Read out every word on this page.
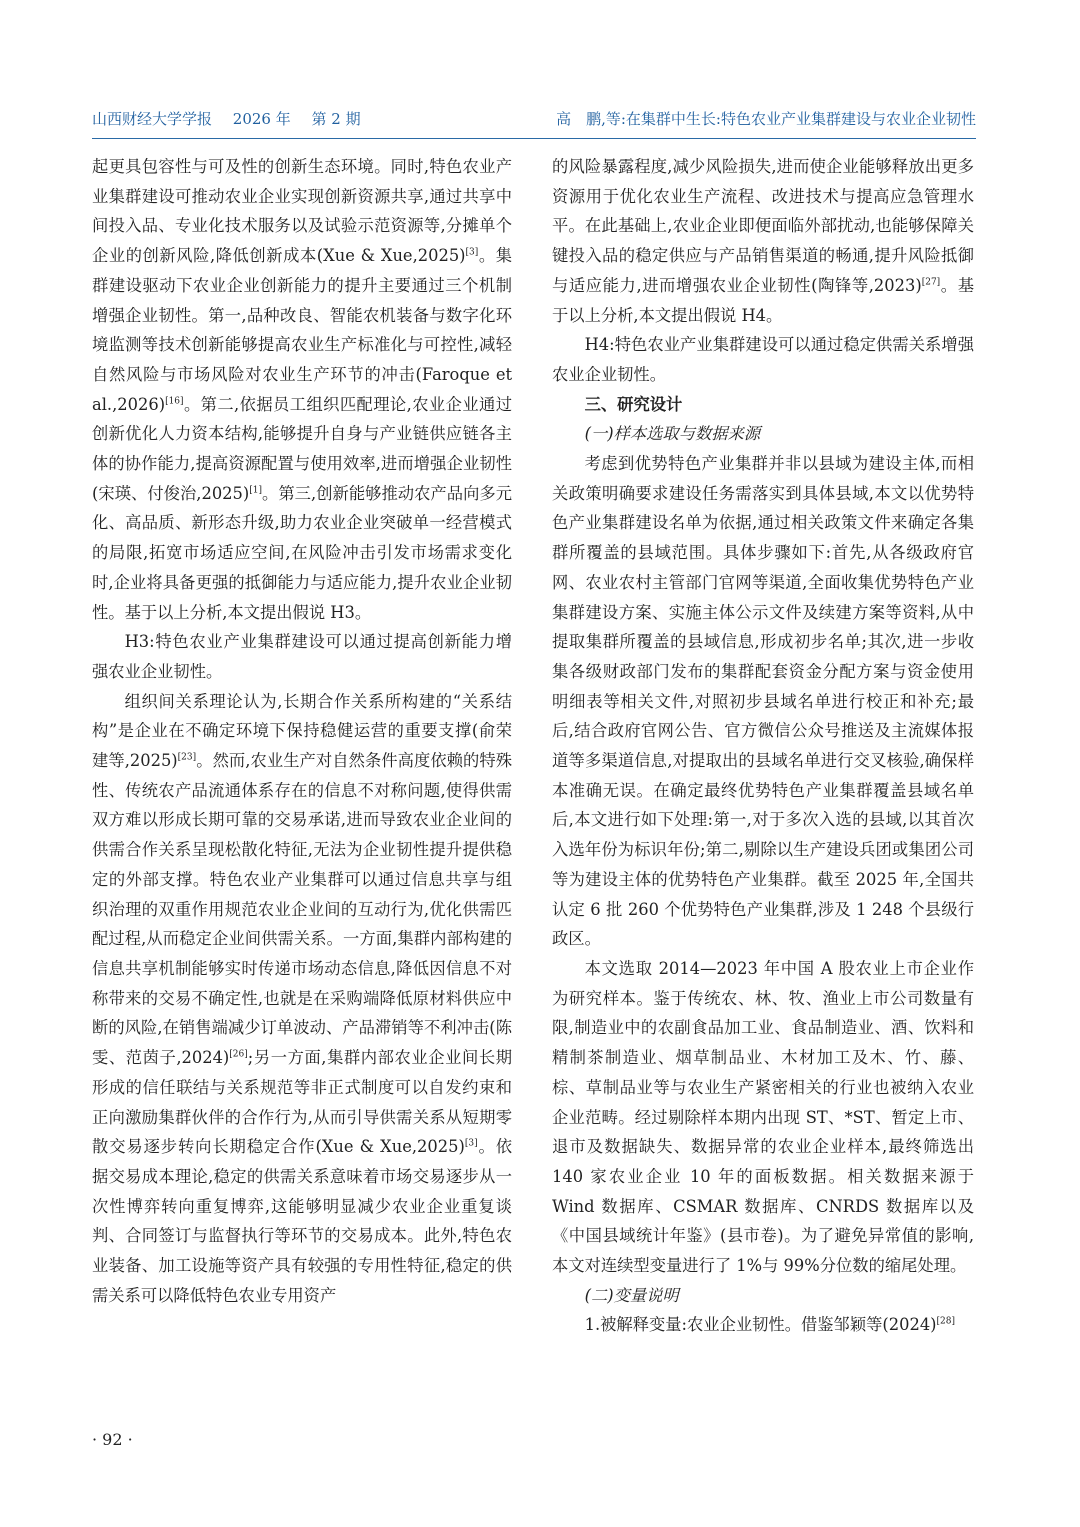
山西财经大学学报 2026 年 第 2 期	高　鹏,等:在集群中生长:特色农业产业集群建设与农业企业韧性

起更具包容性与可及性的创新生态环境。同时,特色农业产业集群建设可推动农业企业实现创新资源共享,通过共享中间投入品、专业化技术服务以及试验示范资源等,分摊单个企业的创新风险,降低创新成本(Xue & Xue,2025)[3]。集群建设驱动下农业企业创新能力的提升主要通过三个机制增强企业韧性。第一,品种改良、智能农机装备与数字化环境监测等技术创新能够提高农业生产标准化与可控性,减轻自然风险与市场风险对农业生产环节的冲击(Faroque et al.,2026)[16]。第二,依据员工组织匹配理论,农业企业通过创新优化人力资本结构,能够提升自身与产业链供应链各主体的协作能力,提高资源配置与使用效率,进而增强企业韧性(宋瑛、付俊治,2025)[1]。第三,创新能够推动农产品向多元化、高品质、新形态升级,助力农业企业突破单一经营模式的局限,拓宽市场适应空间,在风险冲击引发市场需求变化时,企业将具备更强的抵御能力与适应能力,提升农业企业韧性。基于以上分析,本文提出假说 H3。

H3:特色农业产业集群建设可以通过提高创新能力增强农业企业韧性。

组织间关系理论认为,长期合作关系所构建的“关系结构”是企业在不确定环境下保持稳健运营的重要支撑(俞荣建等,2025)[23]。然而,农业生产对自然条件高度依赖的特殊性、传统农产品流通体系存在的信息不对称问题,使得供需双方难以形成长期可靠的交易承诺,进而导致农业企业间的供需合作关系呈现松散化特征,无法为企业韧性提升提供稳定的外部支撑。特色农业产业集群可以通过信息共享与组织治理的双重作用规范农业企业间的互动行为,优化供需匹配过程,从而稳定企业间供需关系。一方面,集群内部构建的信息共享机制能够实时传递市场动态信息,降低因信息不对称带来的交易不确定性,也就是在采购端降低原材料供应中断的风险,在销售端减少订单波动、产品滞销等不利冲击(陈雯、范茵子,2024)[26];另一方面,集群内部农业企业间长期形成的信任联结与关系规范等非正式制度可以自发约束和正向激励集群伙伴的合作行为,从而引导供需关系从短期零散交易逐步转向长期稳定合作(Xue & Xue,2025)[3]。依据交易成本理论,稳定的供需关系意味着市场交易逐步从一次性博弈转向重复博弈,这能够明显减少农业企业重复谈判、合同签订与监督执行等环节的交易成本。此外,特色农业装备、加工设施等资产具有较强的专用性特征,稳定的供需关系可以降低特色农业专用资产

的风险暴露程度,减少风险损失,进而使企业能够释放出更多资源用于优化农业生产流程、改进技术与提高应急管理水平。在此基础上,农业企业即便面临外部扰动,也能够保障关键投入品的稳定供应与产品销售渠道的畅通,提升风险抵御与适应能力,进而增强农业企业韧性(陶锋等,2023)[27]。基于以上分析,本文提出假说 H4。

H4:特色农业产业集群建设可以通过稳定供需关系增强农业企业韧性。

三、研究设计
(一)样本选取与数据来源

考虑到优势特色产业集群并非以县域为建设主体,而相关政策明确要求建设任务需落实到具体县域,本文以优势特色产业集群建设名单为依据,通过相关政策文件来确定各集群所覆盖的县域范围。具体步骤如下:首先,从各级政府官网、农业农村主管部门官网等渠道,全面收集优势特色产业集群建设方案、实施主体公示文件及续建方案等资料,从中提取集群所覆盖的县域信息,形成初步名单;其次,进一步收集各级财政部门发布的集群配套资金分配方案与资金使用明细表等相关文件,对照初步县域名单进行校正和补充;最后,结合政府官网公告、官方微信公众号推送及主流媒体报道等多渠道信息,对提取出的县域名单进行交叉核验,确保样本准确无误。在确定最终优势特色产业集群覆盖县域名单后,本文进行如下处理:第一,对于多次入选的县域,以其首次入选年份为标识年份;第二,剔除以生产建设兵团或集团公司等为建设主体的优势特色产业集群。截至 2025 年,全国共认定 6 批 260 个优势特色产业集群,涉及 1 248 个县级行政区。

本文选取 2014—2023 年中国 A 股农业上市企业作为研究样本。鉴于传统农、林、牧、渔业上市公司数量有限,制造业中的农副食品加工业、食品制造业、酒、饮料和精制茶制造业、烟草制品业、木材加工及木、竹、藤、棕、草制品业等与农业生产紧密相关的行业也被纳入农业企业范畴。经过剔除样本期内出现 ST、*ST、暂定上市、退市及数据缺失、数据异常的农业企业样本,最终筛选出 140 家农业企业 10 年的面板数据。相关数据来源于 Wind 数据库、CSMAR 数据库、CNRDS 数据库以及《中国县域统计年鉴》(县市卷)。为了避免异常值的影响,本文对连续型变量进行了 1%与 99%分位数的缩尾处理。

(二)变量说明

1.被解释变量:农业企业韧性。借鉴邹颖等(2024)[28]

· 92 ·
